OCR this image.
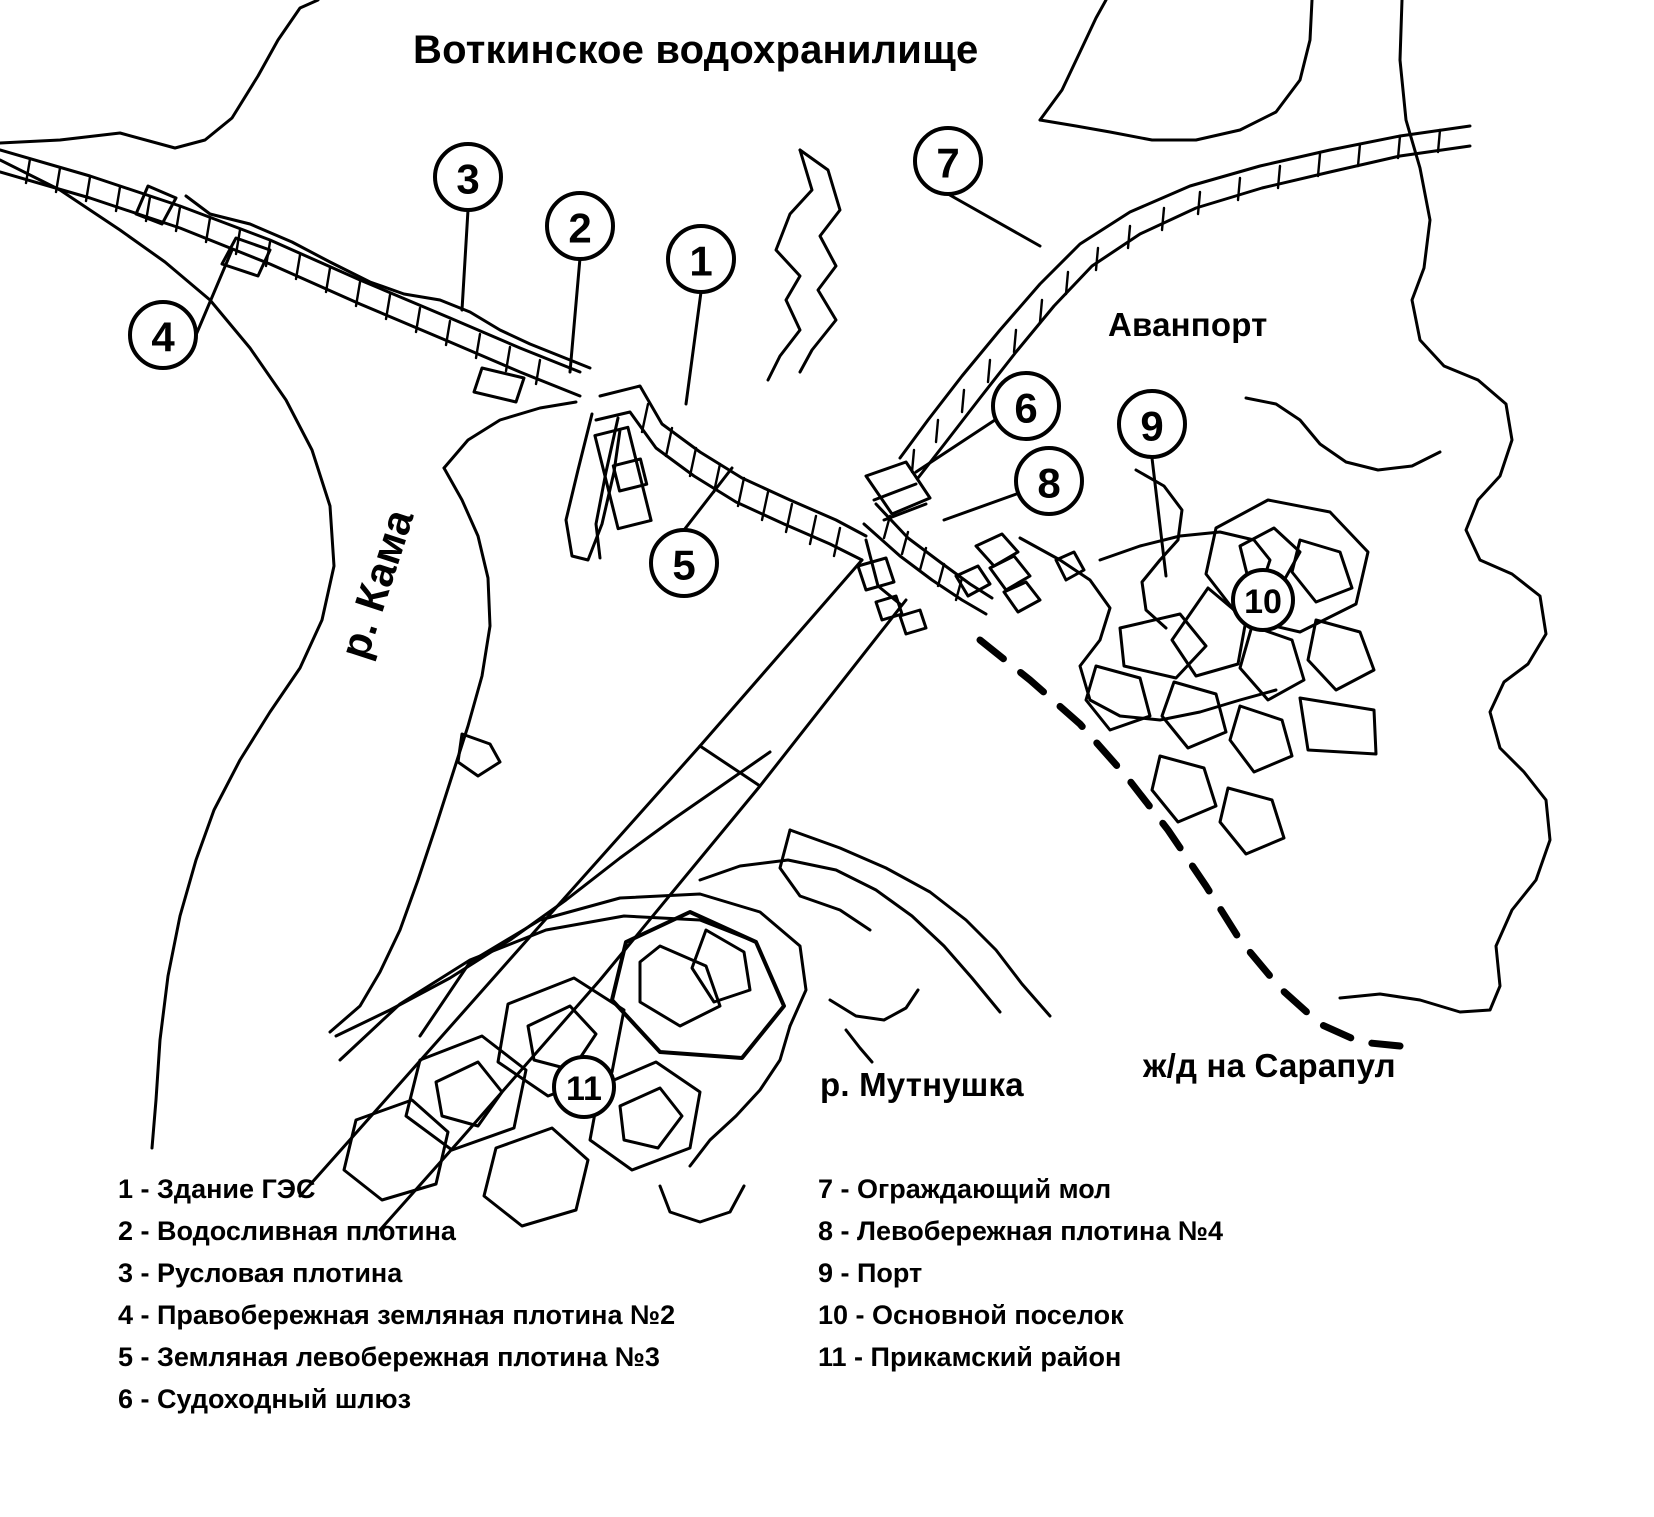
1
2
3
4
5
6
7
8
9
10
11
Воткинское водохранилище
Аванпорт
р. Кама
р. Мутнушка
ж/д на Сарапул
1 - Здание ГЭС
2 - Водосливная плотина
3 - Русловая плотина
4 - Правобережная земляная плотина №2
5 - Земляная левобережная плотина №3
6 - Судоходный шлюз
7 - Ограждающий мол
8 - Левобережная плотина №4
9 - Порт
10 - Основной поселок
11 - Прикамский район
